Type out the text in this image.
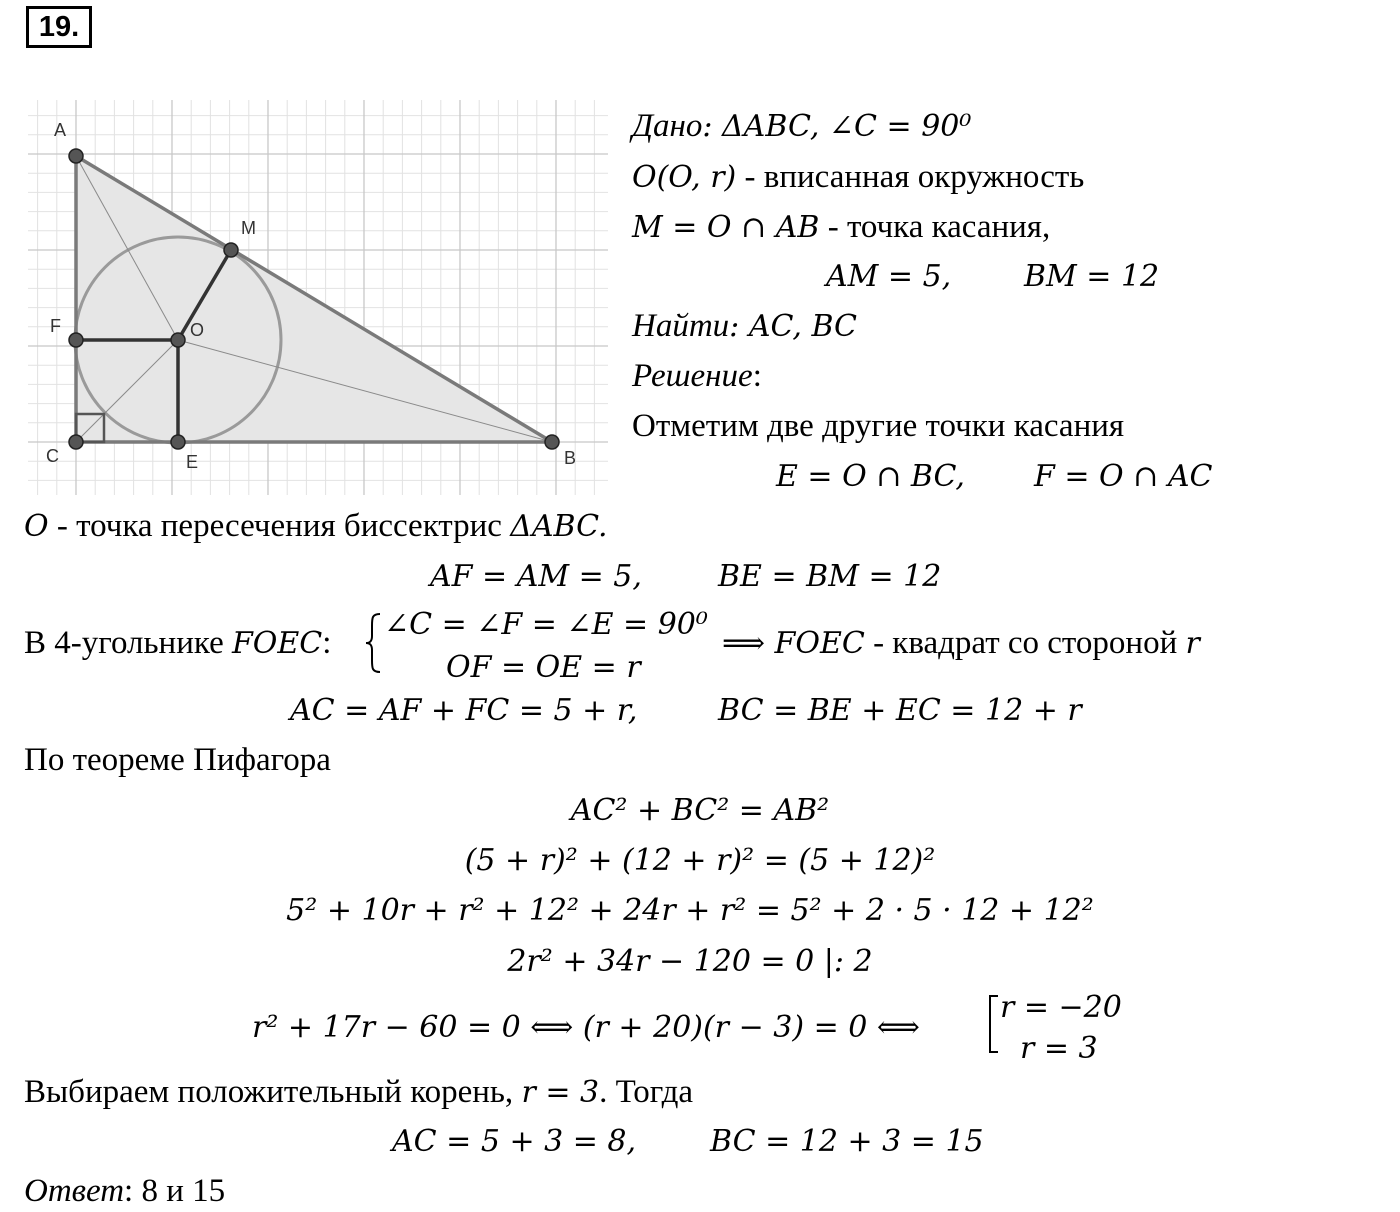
19.
A
M
F	O
C	E	B
Дано: ΔABC, ∠C = 90⁰
O(O, r) - вписанная окружность
M = O ∩ AB - точка касания,
AM = 5, BM = 12
Найти: AC, BC
Решение:
Отметим две другие точки касания
E = O ∩ BC, F = O ∩ AC
O - точка пересечения биссектрис ΔABC.
AF = AM = 5,	BE = BM = 12
В 4-угольнике FOEC:
∠C = ∠F = ∠E = 90⁰
OF = OE = r
⟹ FOEC - квадрат со стороной r
AC = AF + FC = 5 + r,	BC = BE + EC = 12 + r
По теореме Пифагора
AC² + BC² = AB²
(5 + r)² + (12 + r)² = (5 + 12)²
5² + 10r + r² + 12² + 24r + r² = 5² + 2 · 5 · 12 + 12²
2r² + 34r − 120 = 0 |: 2
r² + 17r − 60 = 0 ⟺ (r + 20)(r − 3) = 0 ⟺
r = −20
r = 3
Выбираем положительный корень, r = 3. Тогда
AC = 5 + 3 = 8, BC = 12 + 3 = 15
Ответ: 8 и 15
